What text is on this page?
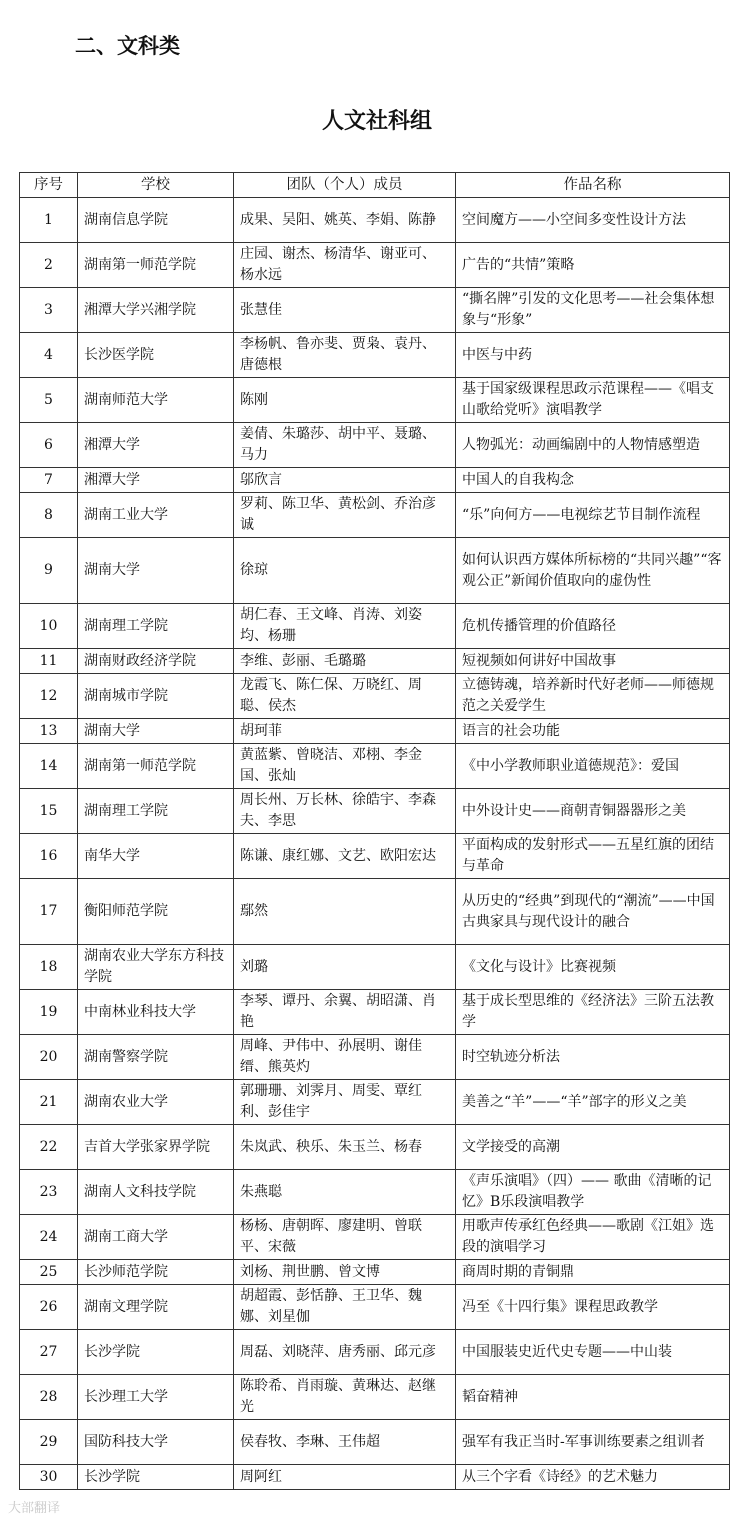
二、文科类
人文社科组
序号	学校	团队（个人）成员	作品名称
1	湖南信息学院	成果、吴阳、姚英、李娟、陈静	空间魔方——小空间多变性设计方法
2	湖南第一师范学院	庄园、谢杰、杨清华、谢亚可、杨水远	广告的“共情”策略
3	湘潭大学兴湘学院	张慧佳	“撕名牌”引发的文化思考——社会集体想象与“形象”
4	长沙医学院	李杨帆、鲁亦斐、贾枭、袁丹、唐德根	中医与中药
5	湖南师范大学	陈刚	基于国家级课程思政示范课程——《唱支山歌给党听》演唱教学
6	湘潭大学	姜倩、朱璐莎、胡中平、聂璐、马力	人物弧光：动画编剧中的人物情感塑造
7	湘潭大学	邬欣言	中国人的自我构念
8	湖南工业大学	罗莉、陈卫华、黄松剑、乔治彦诚	“乐”向何方——电视综艺节目制作流程
9	湖南大学	徐琼	如何认识西方媒体所标榜的“共同兴趣”“客观公正”新闻价值取向的虚伪性
10	湖南理工学院	胡仁春、王文峰、肖涛、刘姿均、杨珊	危机传播管理的价值路径
11	湖南财政经济学院	李维、彭丽、毛璐璐	短视频如何讲好中国故事
12	湖南城市学院	龙霞飞、陈仁保、万晓红、周聪、侯杰	立德铸魂，培养新时代好老师——师德规范之关爱学生
13	湖南大学	胡珂菲	语言的社会功能
14	湖南第一师范学院	黄蓝紫、曾晓洁、邓栩、李金国、张灿	《中小学教师职业道德规范》：爱国
15	湖南理工学院	周长州、万长林、徐皓宇、李森夫、李思	中外设计史——商朝青铜器器形之美
16	南华大学	陈谦、康红娜、文艺、欧阳宏达	平面构成的发射形式——五星红旗的团结与革命
17	衡阳师范学院	鄢然	从历史的“经典”到现代的“潮流”——中国古典家具与现代设计的融合
18	湖南农业大学东方科技学院	刘璐	《文化与设计》比赛视频
19	中南林业科技大学	李琴、谭丹、余翼、胡昭潇、肖艳	基于成长型思维的《经济法》三阶五法教学
20	湖南警察学院	周峰、尹伟中、孙展明、谢佳缙、熊英灼	时空轨迹分析法
21	湖南农业大学	郭珊珊、刘霁月、周雯、覃红利、彭佳宇	美善之“羊”——“羊”部字的形义之美
22	吉首大学张家界学院	朱岚武、秧乐、朱玉兰、杨春	文学接受的高潮
23	湖南人文科技学院	朱燕聪	《声乐演唱》（四）—— 歌曲《清晰的记忆》B乐段演唱教学
24	湖南工商大学	杨杨、唐朝晖、廖建明、曾联平、宋薇	用歌声传承红色经典——歌剧《江姐》选段的演唱学习
25	长沙师范学院	刘杨、荆世鹏、曾文博	商周时期的青铜鼎
26	湖南文理学院	胡超霞、彭恬静、王卫华、魏娜、刘星伽	冯至《十四行集》课程思政教学
27	长沙学院	周磊、刘晓萍、唐秀丽、邱元彦	中国服装史近代史专题——中山装
28	长沙理工大学	陈聆希、肖雨璇、黄琳达、赵继光	韬奋精神
29	国防科技大学	侯春牧、李琳、王伟超	强军有我正当时-军事训练要素之组训者
30	长沙学院	周阿红	从三个字看《诗经》的艺术魅力
大部翻译
